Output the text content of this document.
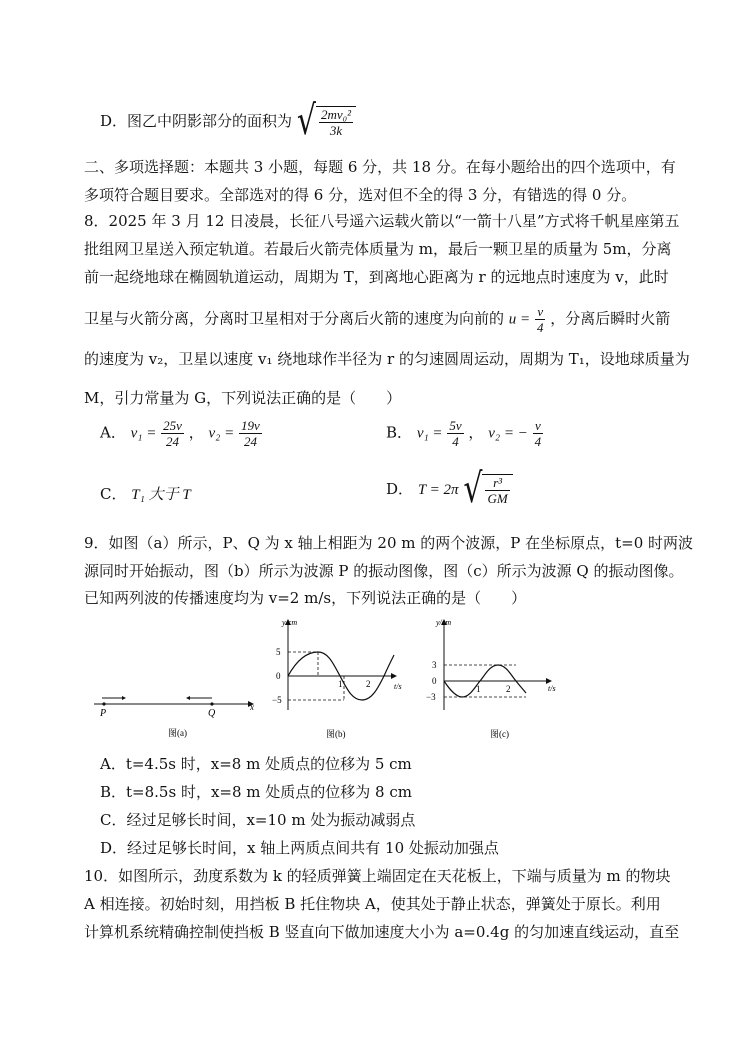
D．图乙中阴影部分的面积为 √ $\frac{\text{2mv₀²}}{3k}$
二、多项选择题：本题共 3 小题，每题 6 分，共 18 分。在每小题给出的四个选项中，有
多项符合题目要求。全部选对的得 6 分，选对但不全的得 3 分，有错选的得 0 分。
8．2025 年 3 月 12 日凌晨，长征八号遥六运载火箭以“一箭十八星”方式将千帆星座第五
批组网卫星送入预定轨道。若最后火箭壳体质量为 m，最后一颗卫星的质量为 5m，分离
前一起绕地球在椭圆轨道运动，周期为 T，到离地心距离为 r 的远地点时速度为 v，此时
卫星与火箭分离，分离时卫星相对于分离后火箭的速度为向前的 $u = \frac{v}{4}$ ，分离后瞬时火箭
的速度为 v₂，卫星以速度 v₁ 绕地球作半径为 r 的匀速圆周运动，周期为 T₁，设地球质量为
M，引力常量为 G，下列说法正确的是（　　）
A． $v_1 = \frac{25v}{24}$ ， $v_2 = \frac{19v}{24}$	B． $v_1 = \frac{5v}{4}$ ， v₂ = − $\frac{v}{4}$
C． T₁ 大于 T	D． T = 2π √ $\frac{\text{r³}}{GM}$
9．如图（a）所示，P、Q 为 x 轴上相距为 20 m 的两个波源，P 在坐标原点，t=0 时两波
源同时开始振动，图（b）所示为波源 P 的振动图像，图（c）所示为波源 Q 的振动图像。
已知两列波的传播速度均为 v=2 m/s，下列说法正确的是（　　）
P	Q
x
图(a)
y/cm
t/s
5
0
−5
1	2
图(b)
y/cm
t/s
3
0
−3
1	2
图(c)
A．t=4.5s 时，x=8 m 处质点的位移为 5 cm
B．t=8.5s 时，x=8 m 处质点的位移为 8 cm
C．经过足够长时间，x=10 m 处为振动减弱点
D．经过足够长时间，x 轴上两质点间共有 10 处振动加强点
10．如图所示，劲度系数为 k 的轻质弹簧上端固定在天花板上，下端与质量为 m 的物块
A 相连接。初始时刻，用挡板 B 托住物块 A，使其处于静止状态，弹簧处于原长。利用
计算机系统精确控制使挡板 B 竖直向下做加速度大小为 a=0.4g 的匀加速直线运动，直至
